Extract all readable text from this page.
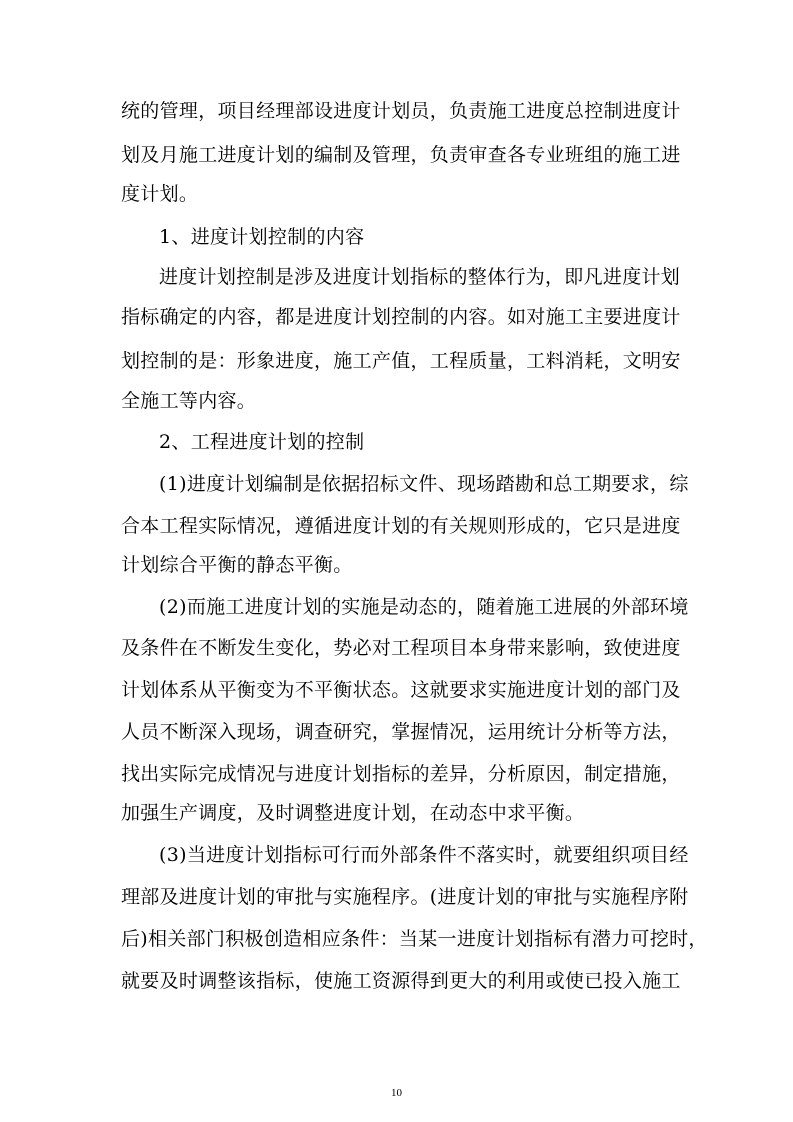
统的管理，项目经理部设进度计划员，负责施工进度总控制进度计
划及月施工进度计划的编制及管理，负责审查各专业班组的施工进
度计划。
1、进度计划控制的内容
进度计划控制是涉及进度计划指标的整体行为，即凡进度计划
指标确定的内容，都是进度计划控制的内容。如对施工主要进度计
划控制的是：形象进度，施工产值，工程质量，工料消耗，文明安
全施工等内容。
2、工程进度计划的控制
(1)进度计划编制是依据招标文件、现场踏勘和总工期要求，综
合本工程实际情况，遵循进度计划的有关规则形成的，它只是进度
计划综合平衡的静态平衡。
(2)而施工进度计划的实施是动态的，随着施工进展的外部环境
及条件在不断发生变化，势必对工程项目本身带来影响，致使进度
计划体系从平衡变为不平衡状态。这就要求实施进度计划的部门及
人员不断深入现场，调查研究，掌握情况，运用统计分析等方法，
找出实际完成情况与进度计划指标的差异，分析原因，制定措施，
加强生产调度，及时调整进度计划，在动态中求平衡。
(3)当进度计划指标可行而外部条件不落实时，就要组织项目经
理部及进度计划的审批与实施程序。(进度计划的审批与实施程序附
后)相关部门积极创造相应条件：当某一进度计划指标有潜力可挖时，
就要及时调整该指标，使施工资源得到更大的利用或使已投入施工
10
